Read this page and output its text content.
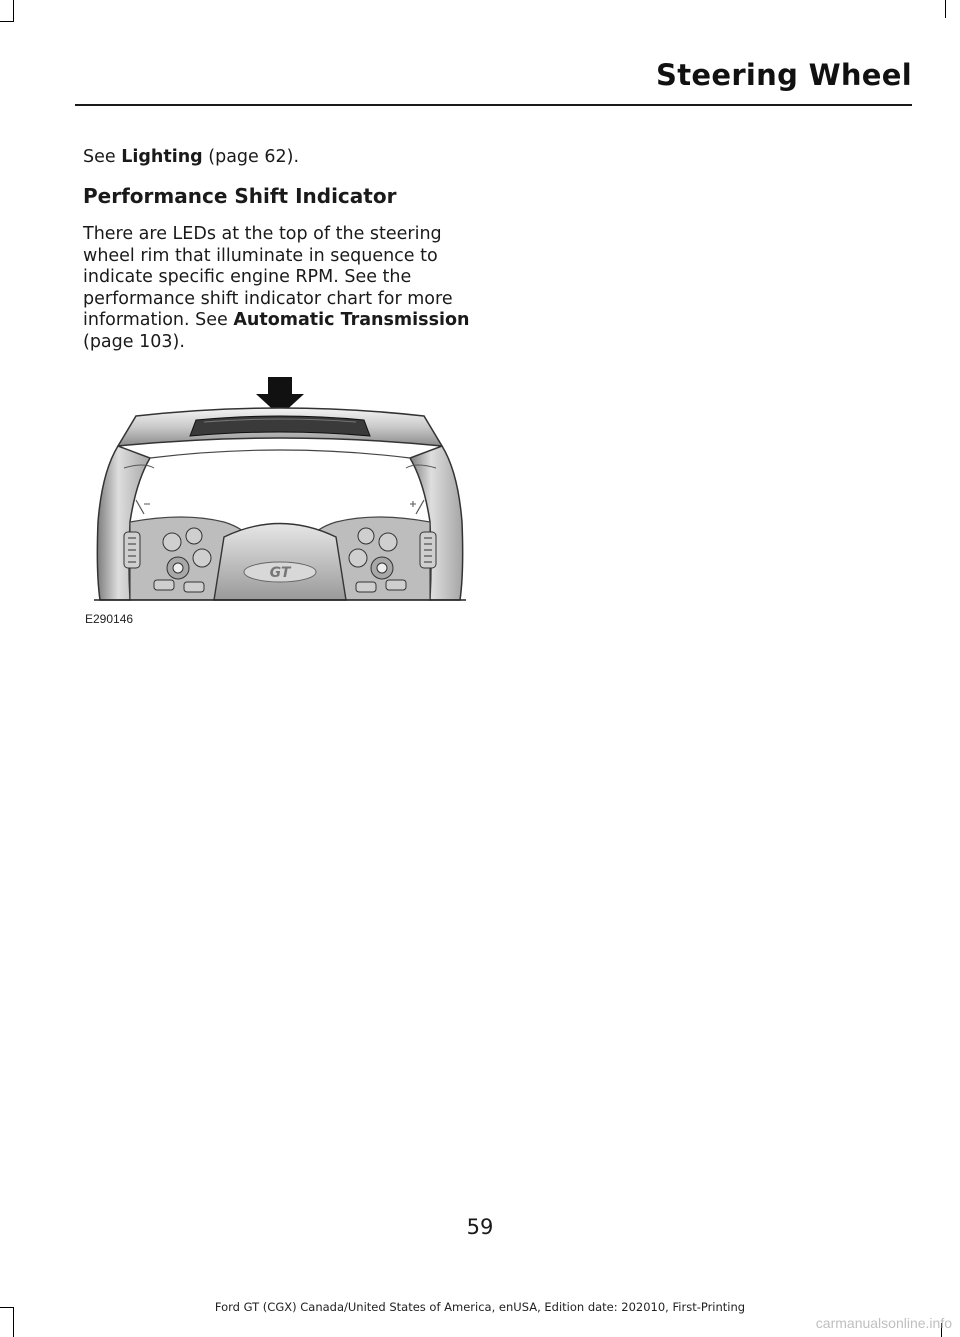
Steering Wheel

See Lighting (page 62).

Performance Shift Indicator

There are LEDs at the top of the steering wheel rim that illuminate in sequence to indicate specific engine RPM. See the performance shift indicator chart for more information. See Automatic Transmission (page 103).

GT
E290146
59
Ford GT (CGX) Canada/United States of America, enUSA, Edition date: 202010, First-Printing
carmanualsonline.info
